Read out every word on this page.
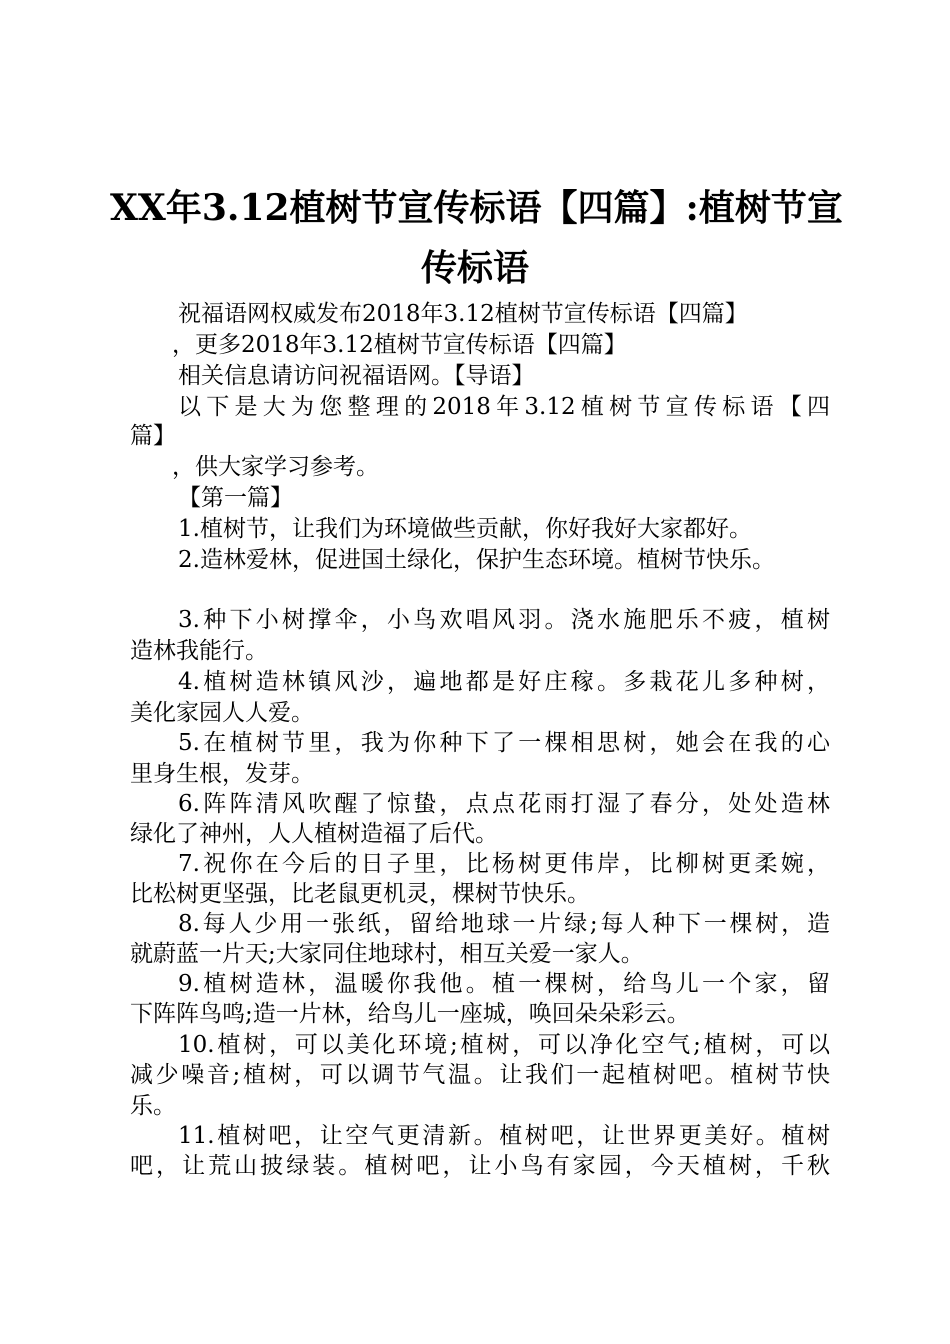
XX年3.12植树节宣传标语【四篇】:植树节宣
传标语
祝福语网权威发布2018年3.12植树节宣传标语【四篇】
，更多2018年3.12植树节宣传标语【四篇】
相关信息请访问祝福语网。【导语】
以下是大为您整理的2018年3.12植树节宣传标语【四
篇】
，供大家学习参考。
【第一篇】
1.植树节，让我们为环境做些贡献，你好我好大家都好。
2.造林爱林，促进国土绿化，保护生态环境。植树节快乐。
3.种下小树撑伞，小鸟欢唱风羽。浇水施肥乐不疲，植树
造林我能行。
4.植树造林镇风沙，遍地都是好庄稼。多栽花儿多种树，
美化家园人人爱。
5.在植树节里，我为你种下了一棵相思树，她会在我的心
里身生根，发芽。
6.阵阵清风吹醒了惊蛰，点点花雨打湿了春分，处处造林
绿化了神州，人人植树造福了后代。
7.祝你在今后的日子里，比杨树更伟岸，比柳树更柔婉，
比松树更坚强，比老鼠更机灵，棵树节快乐。
8.每人少用一张纸，留给地球一片绿;每人种下一棵树，造
就蔚蓝一片天;大家同住地球村，相互关爱一家人。
9.植树造林，温暖你我他。植一棵树，给鸟儿一个家，留
下阵阵鸟鸣;造一片林，给鸟儿一座城，唤回朵朵彩云。
10.植树，可以美化环境;植树，可以净化空气;植树，可以
减少噪音;植树，可以调节气温。让我们一起植树吧。植树节快
乐。
11.植树吧，让空气更清新。植树吧，让世界更美好。植树
吧，让荒山披绿装。植树吧，让小鸟有家园，今天植树，千秋
